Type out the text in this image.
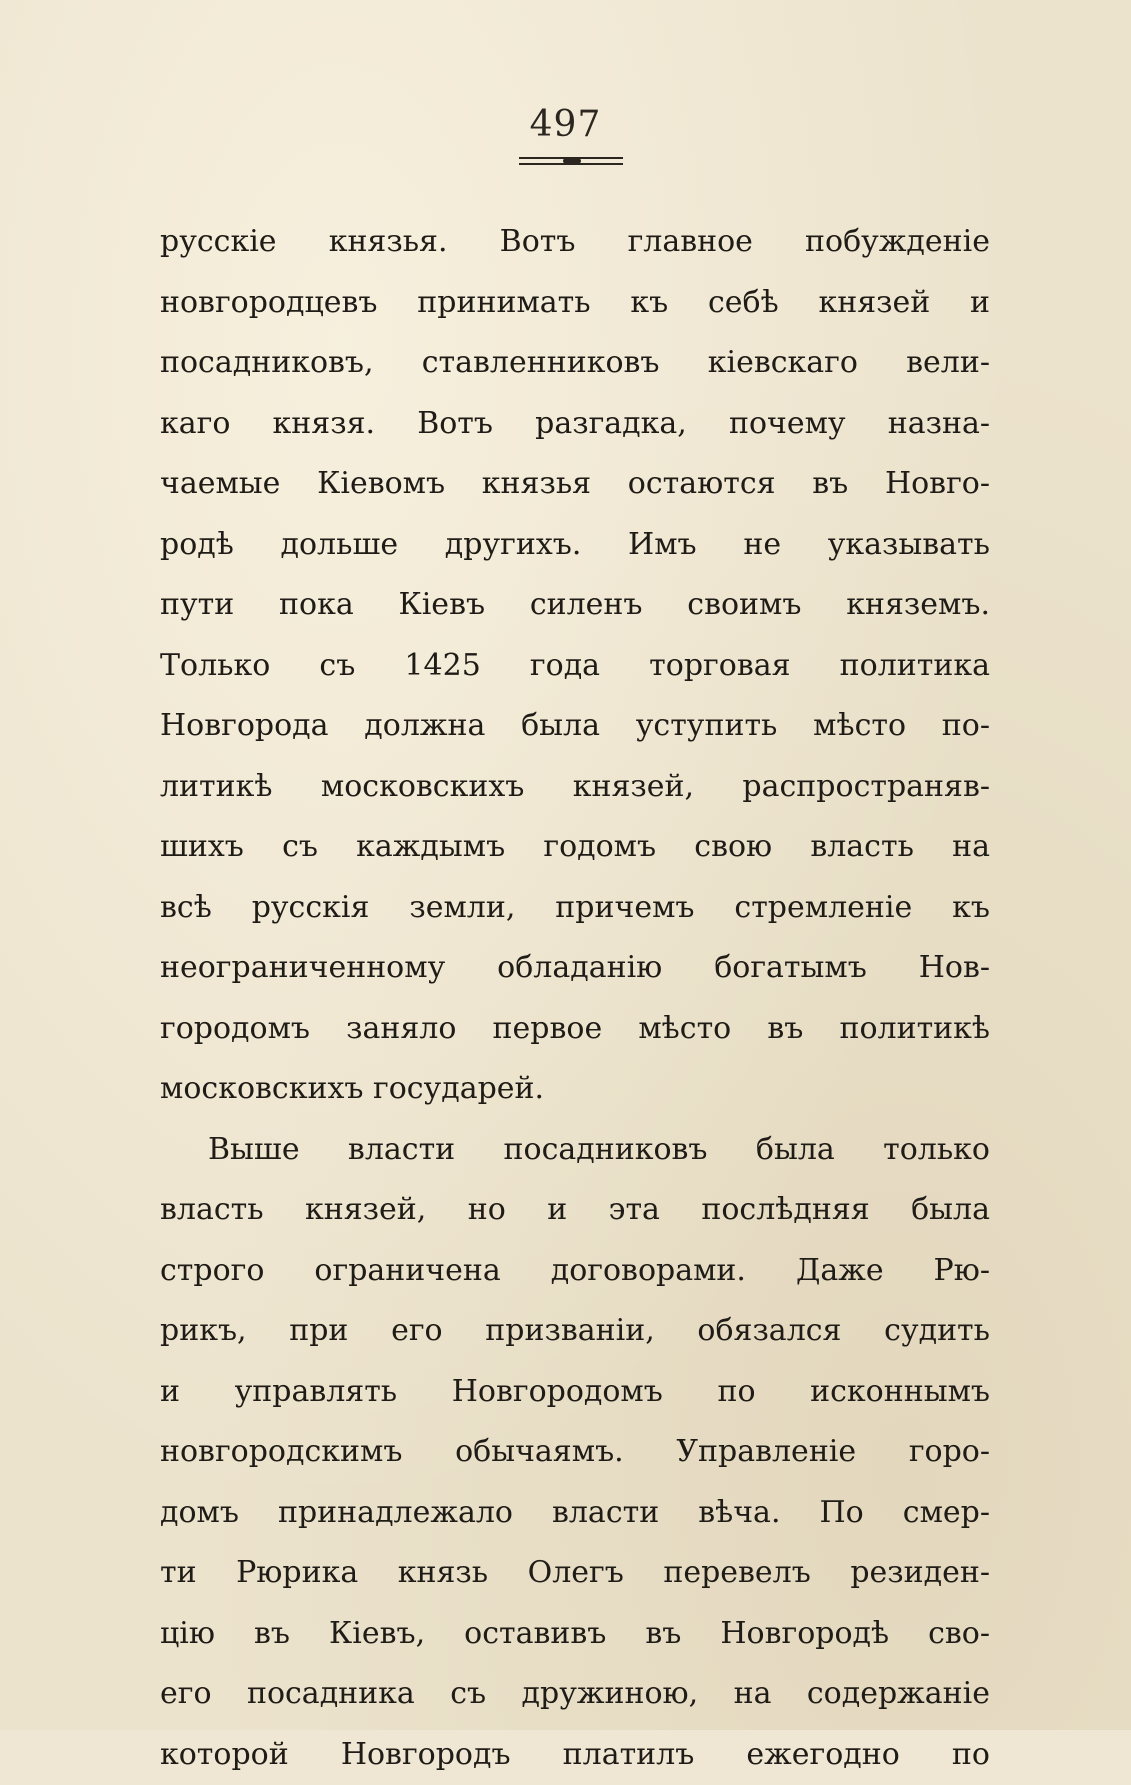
497
русскіе князья. Вотъ главное побужденіе
новгородцевъ принимать къ себѣ князей и
посадниковъ, ставленниковъ кіевскаго вели-
каго князя. Вотъ разгадка, почему назна-
чаемые Кіевомъ князья остаются въ Новго-
родѣ дольше другихъ. Имъ не указывать
пути пока Кіевъ силенъ своимъ княземъ.
Только съ 1425 года торговая политика
Новгорода должна была уступить мѣсто по-
литикѣ московскихъ князей, распространяв-
шихъ съ каждымъ годомъ свою власть на
всѣ русскія земли, причемъ стремленіе къ
неограниченному обладанію богатымъ Нов-
городомъ заняло первое мѣсто въ политикѣ
московскихъ государей.
Выше власти посадниковъ была только
власть князей, но и эта послѣдняя была
строго ограничена договорами. Даже Рю-
рикъ, при его призваніи, обязался судить
и управлять Новгородомъ по исконнымъ
новгородскимъ обычаямъ. Управленіе горо-
домъ принадлежало власти вѣча. По смер-
ти Рюрика князь Олегъ перевелъ резиден-
цію въ Кіевъ, оставивъ въ Новгородѣ сво-
его посадника съ дружиною, на содержаніе
которой Новгородъ платилъ ежегодно по
